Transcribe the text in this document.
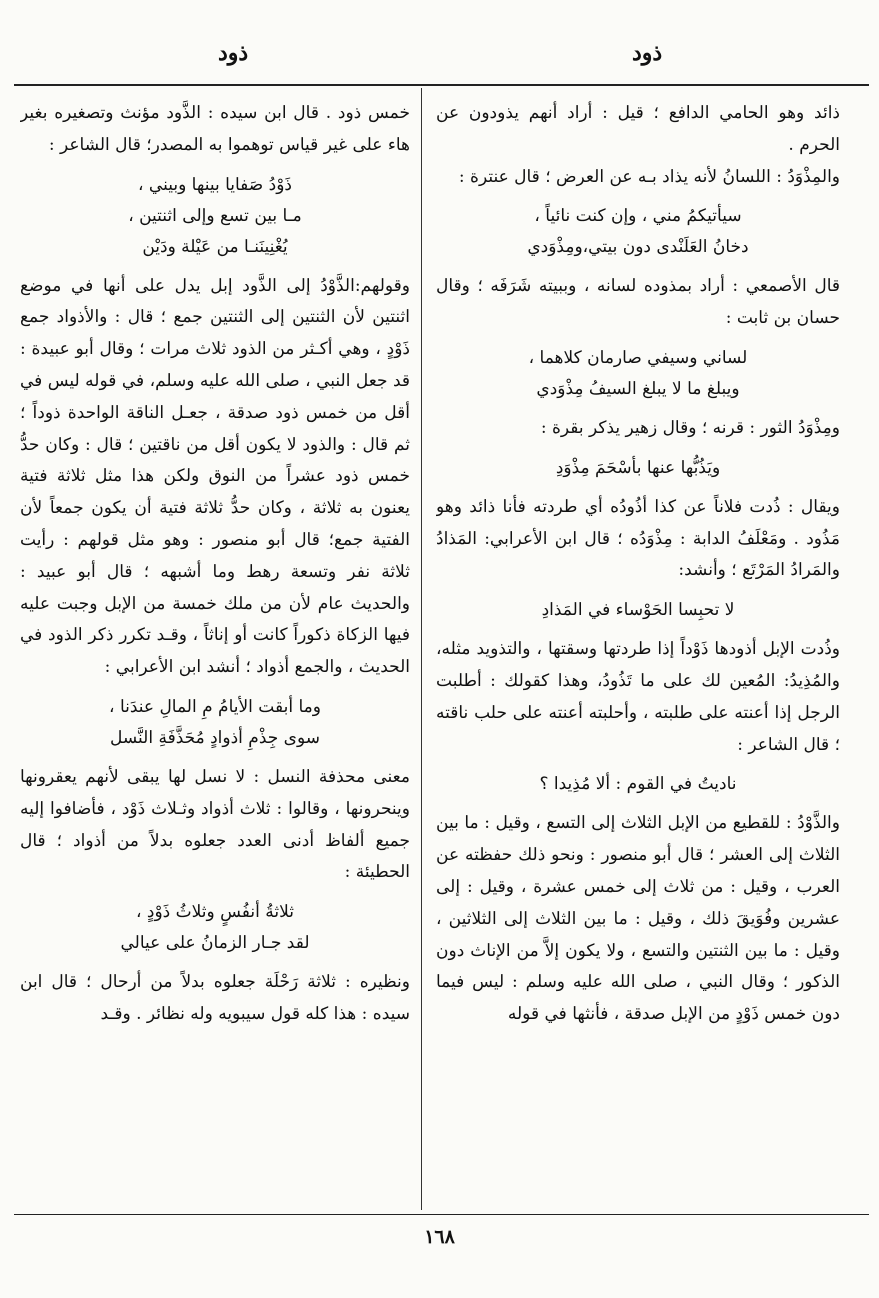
ذود
ذود

ذائد وهو الحامي الدافع ؛ قيل : أراد أنهم يذودون عن الحرم .

والمِذْوَدُ : اللسانُ لأنه يذاد بـه عن العرض ؛ قال عنترة :

سيأتيكمُ مني ، وإن كنت نائياً ،
دخانُ العَلَنْدى دون بيتي،ومِذْوَدي

قال الأصمعي : أراد بمذوده لسانه ، وببيته شَرَفَه ؛ وقال حسان بن ثابت :

لساني وسيفي صارمان كلاهما ،
ويبلغ ما لا يبلغ السيفُ مِذْوَدي

ومِذْوَدُ الثور : قرنه ؛ وقال زهير يذكر بقرة :

ويَذُبُّها عنها بأسْحَمَ مِذْوَدِ

ويقال : ذُدت فلاناً عن كذا أذُودُه أي طردته فأنا ذائد وهو مَذُود . ومَعْلَفُ الدابة : مِذْوَدُه ؛ قال ابن الأعرابي: المَذادُ والمَرادُ المَرْتَع ؛ وأنشد:

لا تحبِسا الحَوْساء في المَذادِ

وذُدت الإبل أذودها ذَوْداً إذا طردتها وسقتها ، والتذويد مثله، والمُذِيدُ: المُعين لك على ما تَذُودُ، وهذا كقولك : أطلبت الرجل إذا أعنته على طلبته ، وأحلبته أعنته على حلب ناقته ؛ قال الشاعر :

ناديتُ في القوم : ألا مُذِيدا ؟

والذَّوْدُ : للقطيع من الإبل الثلاث إلى التسع ، وقيل : ما بين الثلاث إلى العشر ؛ قال أبو منصور : ونحو ذلك حفظته عن العرب ، وقيل : من ثلاث إلى خمس عشرة ، وقيل : إلى عشرين وفُوَيقَ ذلك ، وقيل : ما بين الثلاث إلى الثلاثين ، وقيل : ما بين الثنتين والتسع ، ولا يكون إلاَّ من الإناث دون الذكور ؛ وقال النبي ، صلى الله عليه وسلم : ليس فيما دون خمس ذَوْدٍ من الإبل صدقة ، فأنثها في قوله

خمس ذود . قال ابن سيده : الذَّود مؤنث وتصغيره بغير هاء على غير قياس توهموا به المصدر؛ قال الشاعر :

ذَوْدُ صَفايا بينها وبيني ،
مـا بين تسع وإلى اثنتين ،
يُغْنِينَنـا من عَيْلة ودَيْن

وقولهم:الذَّوْدُ إلى الذَّود إبل يدل على أنها في موضع اثنتين لأن الثنتين إلى الثنتين جمع ؛ قال : والأذواد جمع ذَوْدٍ ، وهي أكـثر من الذود ثلاث مرات ؛ وقال أبو عبيدة : قد جعل النبي ، صلى الله عليه وسلم، في قوله ليس في أقل من خمس ذود صدقة ، جعـل الناقة الواحدة ذوداً ؛ ثم قال : والذود لا يكون أقل من ناقتين ؛ قال : وكان حدُّ خمس ذود عشراً من النوق ولكن هذا مثل ثلاثة فتية يعنون به ثلاثة ، وكان حدُّ ثلاثة فتية أن يكون جمعاً لأن الفتية جمع؛ قال أبو منصور : وهو مثل قولهم : رأيت ثلاثة نفر وتسعة رهط وما أشبهه ؛ قال أبو عبيد : والحديث عام لأن من ملك خمسة من الإبل وجبت عليه فيها الزكاة ذكوراً كانت أو إناثاً ، وقـد تكرر ذكر الذود في الحديث ، والجمع أذواد ؛ أنشد ابن الأعرابي :

وما أبقت الأيامُ مِ المالِ عندَنا ،
سوى جِذْمِ أذوادٍ مُحَذَّفَةِ النَّسل

معنى محذفة النسل : لا نسل لها يبقى لأنهم يعقرونها وينحرونها ، وقالوا : ثلاث أذواد وثـلاث ذَوْد ، فأضافوا إليه جميع ألفاظ أدنى العدد جعلوه بدلاً من أذواد ؛ قال الحطيئة :

ثلاثةُ أنفُسٍ وثلاثُ ذَوْدٍ ،
لقد جـار الزمانُ على عيالي

ونظيره : ثلاثة رَحْلَة جعلوه بدلاً من أرحال ؛ قال ابن سيده : هذا كله قول سيبويه وله نظائر . وقـد

١٦٨
